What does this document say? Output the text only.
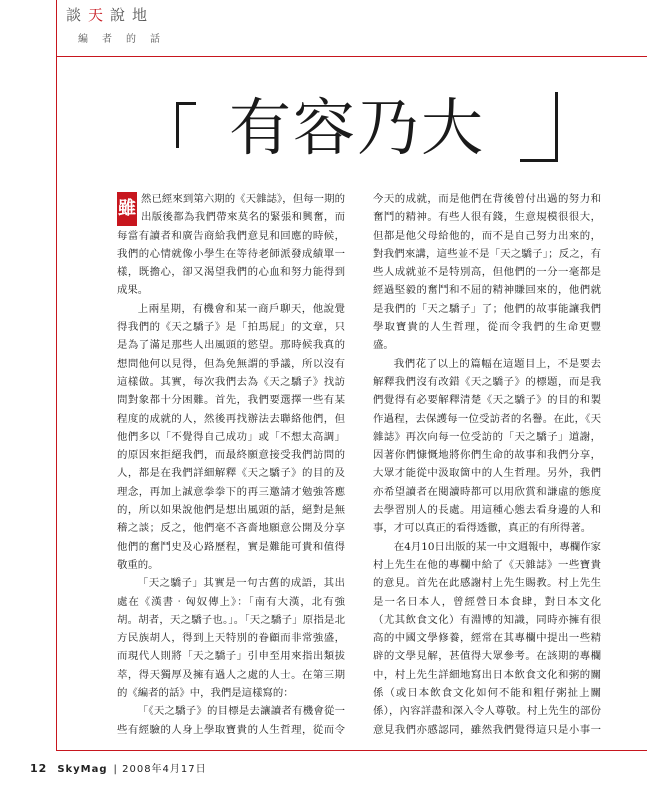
談天說地
編者的話
 有容乃大

雖 然已經來到第六期的《天雜誌》，但每一期的出版後都為我們帶來莫名的緊張和興奮，而每當有讀者和廣告商給我們意見和回應的時候，我們的心情就像小學生在等待老師派發成績單一樣，既擔心，卻又渴望我們的心血和努力能得到成果。

上兩星期，有機會和某一商戶聊天，他說覺得我們的《天之驕子》是「拍馬屁」的文章，只是為了滿足那些人出風頭的慾望。那時候我真的想問他何以見得，但為免無謂的爭議，所以沒有這樣做。其實，每次我們去為《天之驕子》找訪問對象都十分困難。首先，我們要選擇一些有某程度的成就的人，然後再找辦法去聯絡他們，但他們多以「不覺得自己成功」或「不想太高調」的原因來拒絕我們，而最終願意接受我們訪問的人，都是在我們詳細解釋《天之驕子》的目的及理念，再加上誠意拳拳下的再三邀請才勉強答應的，所以如果說他們是想出風頭的話，絕對是無稽之談；反之，他們毫不吝嗇地願意公開及分享他們的奮鬥史及心路歷程，實是難能可貴和值得敬重的。

「天之驕子」其實是一句古舊的成語，其出處在《漢書‧匈奴傳上》：「南有大漢，北有強胡。胡者，天之驕子也。」。「天之驕子」原指是北方民族胡人，得到上天特別的眷顧而非常強盛，而現代人則將「天之驕子」引申至用來指出類拔萃，得天獨厚及擁有過人之處的人士。在第三期的《編者的話》中，我們是這樣寫的：

「《天之驕子》的目標是去讓讀者有機會從一些有經驗的人身上學取寶貴的人生哲理，從而令

今天的成就，而是他們在背後曾付出過的努力和奮鬥的精神。有些人很有錢，生意規模很很大，但都是他父母給他的，而不是自己努力出來的，對我們來講，這些並不是「天之驕子」；反之，有些人成就並不是特別高，但他們的一分一毫都是經過堅毅的奮鬥和不屈的精神賺回來的，他們就是我們的「天之驕子」了；他們的故事能讓我們學取寶貴的人生哲理，從而令我們的生命更豐盛。

我們花了以上的篇幅在這題目上，不是要去解釋我們沒有改錯《天之驕子》的標題，而是我們覺得有必要解釋清楚《天之驕子》的目的和製作過程，去保護每一位受訪者的名譽。在此，《天雜誌》再次向每一位受訪的「天之驕子」道謝，因著你們慷慨地將你們生命的故事和我們分享，大眾才能從中汲取箇中的人生哲理。另外，我們亦希望讀者在閱讀時都可以用欣賞和謙虛的態度去學習別人的長處。用這種心態去看身邊的人和事，才可以真正的看得透徹，真正的有所得著。

在4月10日出版的某一中文週報中，專欄作家村上先生在他的專欄中給了《天雜誌》一些寶貴的意見。首先在此感謝村上先生賜教。村上先生是一名日本人，曾經營日本食肆，對日本文化（尤其飲食文化）有淵博的知識，同時亦擁有很高的中國文學修養，經常在其專欄中提出一些精辟的文學見解，甚值得大眾參考。在該期的專欄中，村上先生詳細地寫出日本飲食文化和粥的關係（或日本飲食文化如何不能和粗仔粥扯上關係），內容詳盡和深入令人尊敬。村上先生的部份意見我們亦感認同，雖然我們覺得這只是小事一

12 SkyMag | 2008年4月17日
